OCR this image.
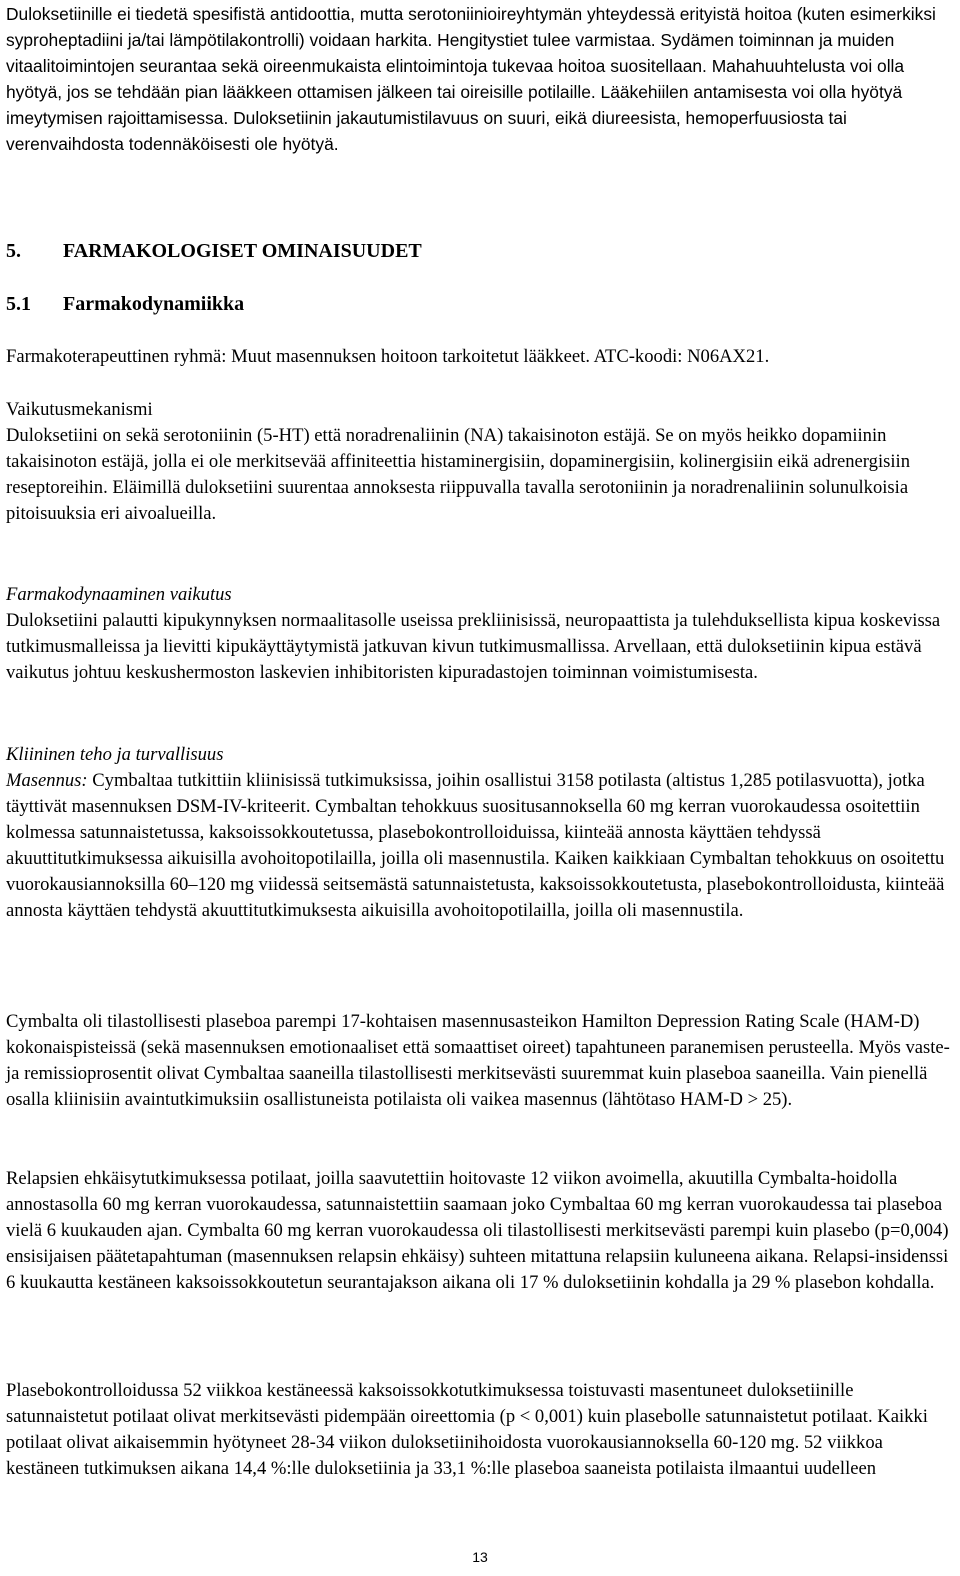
Duloksetiinille ei tiedetä spesifistä antidoottia, mutta serotoniinioireyhtymän yhteydessä erityistä hoitoa (kuten esimerkiksi syproheptadiini ja/tai lämpötilakontrolli) voidaan harkita. Hengitystiet tulee varmistaa. Sydämen toiminnan ja muiden vitaalitoimintojen seurantaa sekä oireenmukaista elintoimintoja tukevaa hoitoa suositellaan. Mahahuuhtelusta voi olla hyötyä, jos se tehdään pian lääkkeen ottamisen jälkeen tai oireisille potilaille. Lääkehiilen antamisesta voi olla hyötyä imeytymisen rajoittamisessa. Duloksetiinin jakautumistilavuus on suuri, eikä diureesista, hemoperfuusiosta tai verenvaihdosta todennäköisesti ole hyötyä.

5. FARMAKOLOGISET OMINAISUUDET
5.1 Farmakodynamiikka

Farmakoterapeuttinen ryhmä: Muut masennuksen hoitoon tarkoitetut lääkkeet. ATC-koodi: N06AX21.

Vaikutusmekanismi

Duloksetiini on sekä serotoniinin (5-HT) että noradrenaliinin (NA) takaisinoton estäjä. Se on myös heikko dopamiinin takaisinoton estäjä, jolla ei ole merkitsevää affiniteettia histaminergisiin, dopaminergisiin, kolinergisiin eikä adrenergisiin reseptoreihin. Eläimillä duloksetiini suurentaa annoksesta riippuvalla tavalla serotoniinin ja noradrenaliinin solunulkoisia pitoisuuksia eri aivoalueilla.

Farmakodynaaminen vaikutus

Duloksetiini palautti kipukynnyksen normaalitasolle useissa prekliinisissä, neuropaattista ja tulehduksellista kipua koskevissa tutkimusmalleissa ja lievitti kipukäyttäytymistä jatkuvan kivun tutkimusmallissa. Arvellaan, että duloksetiinin kipua estävä vaikutus johtuu keskushermoston laskevien inhibitoristen kipuradastojen toiminnan voimistumisesta.

Kliininen teho ja turvallisuus

Masennus: Cymbaltaa tutkittiin kliinisissä tutkimuksissa, joihin osallistui 3158 potilasta (altistus 1,285 potilasvuotta), jotka täyttivät masennuksen DSM-IV-kriteerit. Cymbaltan tehokkuus suositusannoksella 60 mg kerran vuorokaudessa osoitettiin kolmessa satunnaistetussa, kaksoissokkoutetussa, plasebokontrolloiduissa, kiinteää annosta käyttäen tehdyssä akuuttitutkimuksessa aikuisilla avohoitopotilailla, joilla oli masennustila. Kaiken kaikkiaan Cymbaltan tehokkuus on osoitettu vuorokausiannoksilla 60–120 mg viidessä seitsemästä satunnaistetusta, kaksoissokkoutetusta, plasebokontrolloidusta, kiinteää annosta käyttäen tehdystä akuuttitutkimuksesta aikuisilla avohoitopotilailla, joilla oli masennustila.

Cymbalta oli tilastollisesti plaseboa parempi 17-kohtaisen masennusasteikon Hamilton Depression Rating Scale (HAM-D) kokonaispisteissä (sekä masennuksen emotionaaliset että somaattiset oireet) tapahtuneen paranemisen perusteella. Myös vaste- ja remissioprosentit olivat Cymbaltaa saaneilla tilastollisesti merkitsevästi suuremmat kuin plaseboa saaneilla. Vain pienellä osalla kliinisiin avaintutkimuksiin osallistuneista potilaista oli vaikea masennus (lähtötaso HAM-D > 25).

Relapsien ehkäisytutkimuksessa potilaat, joilla saavutettiin hoitovaste 12 viikon avoimella, akuutilla Cymbalta-hoidolla annostasolla 60 mg kerran vuorokaudessa, satunnaistettiin saamaan joko Cymbaltaa 60 mg kerran vuorokaudessa tai plaseboa vielä 6 kuukauden ajan. Cymbalta 60 mg kerran vuorokaudessa oli tilastollisesti merkitsevästi parempi kuin plasebo (p=0,004) ensisijaisen päätetapahtuman (masennuksen relapsin ehkäisy) suhteen mitattuna relapsiin kuluneena aikana. Relapsi-insidenssi 6 kuukautta kestäneen kaksoissokkoutetun seurantajakson aikana oli 17 % duloksetiinin kohdalla ja 29 % plasebon kohdalla.

Plasebokontrolloidussa 52 viikkoa kestäneessä kaksoissokkotutkimuksessa toistuvasti masentuneet duloksetiinille satunnaistetut potilaat olivat merkitsevästi pidempään oireettomia (p < 0,001) kuin plasebolle satunnaistetut potilaat. Kaikki potilaat olivat aikaisemmin hyötyneet 28-34 viikon duloksetiinihoidosta vuorokausiannoksella 60-120 mg. 52 viikkoa kestäneen tutkimuksen aikana 14,4 %:lle duloksetiinia ja 33,1 %:lle plaseboa saaneista potilaista ilmaantui uudelleen

13
